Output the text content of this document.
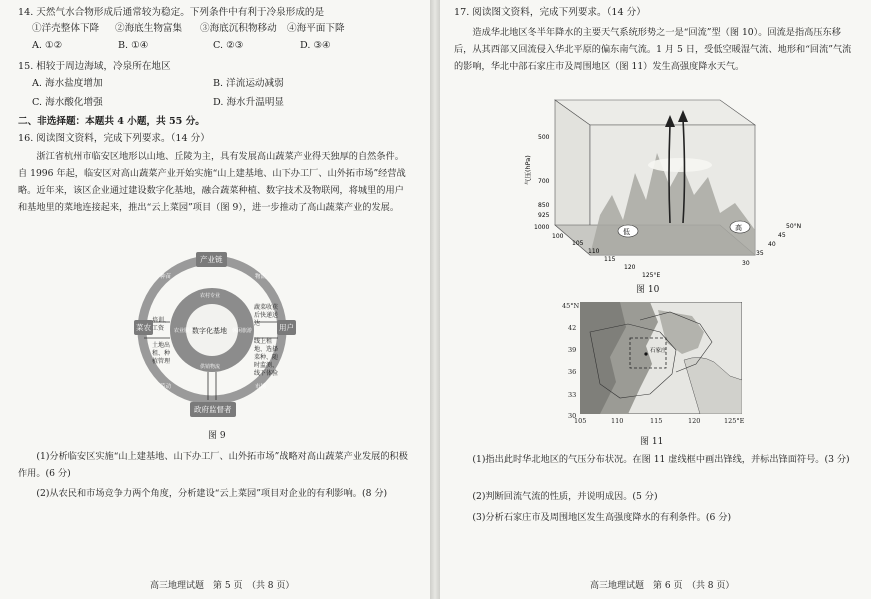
14. 天然气水合物形成后通常较为稳定。下列条件中有利于冷泉形成的是
①洋壳整体下降 ②海底生物富集 ③海底沉积物移动 ④海平面下降
A. ①②	B. ①④	C. ②③	D. ③④
15. 相较于周边海域，冷泉所在地区
A. 海水盐度增加	B. 洋流运动减弱
C. 海水酸化增强	D. 海水升温明显
二、非选择题：本题共 4 小题，共 55 分。
16. 阅读图文资料，完成下列要求。（14 分）
浙江省杭州市临安区地形以山地、丘陵为主，具有发展高山蔬菜产业得天独厚的自然条件。自 1996 年起，临安区对高山蔬菜产业开始实施“山上建基地、山下办工厂、山外拓市场”经营战略。近年来，该区企业通过建设数字化基地，融合蔬菜种植、数字技术及物联网，将城里的用户和基地里的菜地连接起来，推出“云上菜园”项目（图 9），进一步推动了高山蔬菜产业的发展。
种苗	物流
劳动	市场
农村专业
供销物流
农业服务	休闲旅游
数字化基地
产业链
菜农	用户
政府监督者
培训、工资
土地出租、种植管理
蔬菜收获后快递送达
线上租地、选择菜种、随时监测、线下体验
图 9
(1)分析临安区实施“山上建基地、山下办工厂、山外拓市场”战略对高山蔬菜产业发展的积极作用。(6 分)
(2)从农民和市场竞争力两个角度，分析建设“云上菜园”项目对企业的有利影响。(8 分)
高三地理试题　第 5 页　（共 8 页）
17. 阅读图文资料，完成下列要求。（14 分）
造成华北地区冬半年降水的主要天气系统形势之一是“回流”型（图 10）。回流是指高压东移后，从其西部又回流侵入华北平原的偏东南气流。1 月 5 日，受低空暖湿气流、地形和“回流”气流的影响，华北中部石家庄市及周围地区（图 11）发生高强度降水天气。
低	高
气压(hPa)
500
700
850
925
1000
100
105
110
115
120
125°E
30
35
40
45
50°N
图 10
45°N
42
39
36
33
30
石家庄
105	110	115	120	125°E
图 11
(1)指出此时华北地区的气压分布状况。在图 11 虚线框中画出锋线，并标出锋面符号。(3 分)
(2)判断回流气流的性质，并说明成因。(5 分)
(3)分析石家庄市及周围地区发生高强度降水的有利条件。(6 分)
高三地理试题　第 6 页　（共 8 页）
